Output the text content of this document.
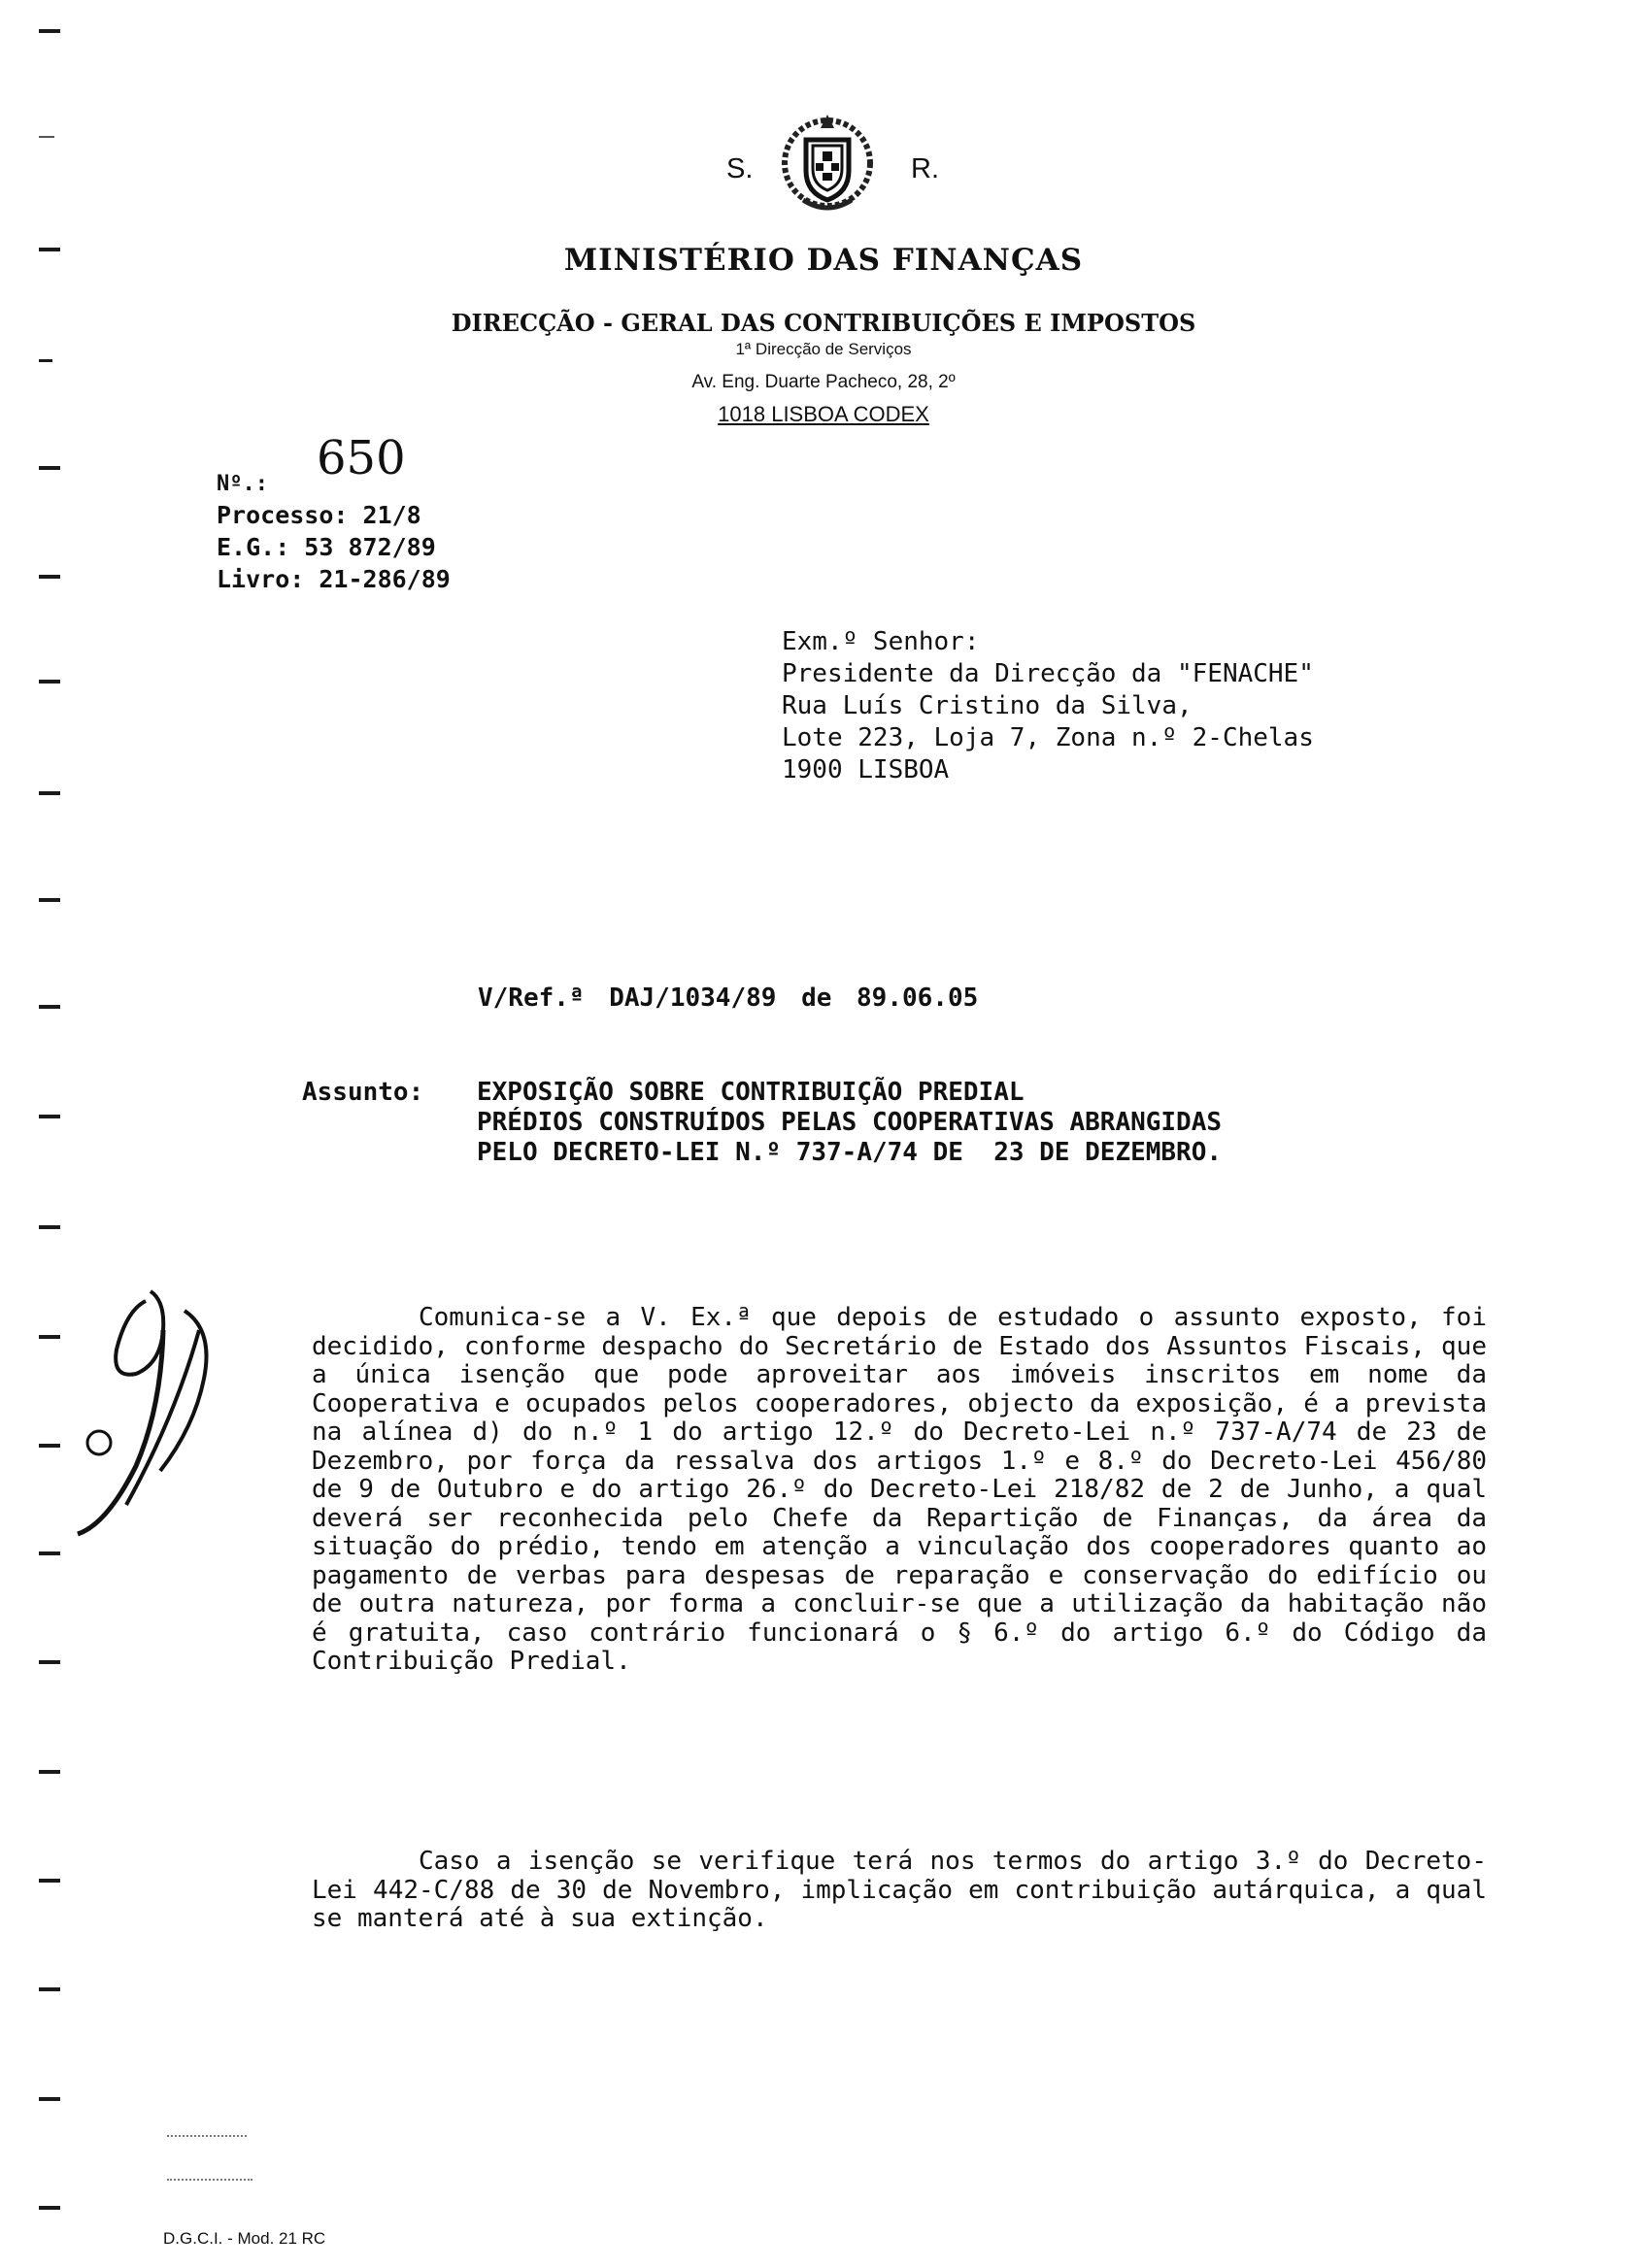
S.	R.
MINISTÉRIO DAS FINANÇAS
DIRECÇÃO - GERAL DAS CONTRIBUIÇÕES E IMPOSTOS
1ª Direcção de Serviços
Av. Eng. Duarte Pacheco, 28, 2º
1018 LISBOA CODEX
Nº.: 650
Processo: 21/8
E.G.: 53 872/89
Livro: 21-286/89
Exm.º Senhor:
Presidente da Direcção da "FENACHE"
Rua Luís Cristino da Silva,
Lote 223, Loja 7, Zona n.º 2-Chelas
1900 LISBOA
V/Ref.ª DAJ/1034/89 de 89.06.05
Assunto: EXPOSIÇÃO SOBRE CONTRIBUIÇÃO PREDIAL
PRÉDIOS CONSTRUÍDOS PELAS COOPERATIVAS ABRANGIDAS
PELO DECRETO-LEI N.º 737-A/74 DE  23 DE DEZEMBRO.
Comunica-se a V. Ex.ª que depois de estudado o assunto exposto, foi decidido, conforme despacho do Secretário de Estado dos Assuntos Fiscais, que a única isenção que pode aproveitar aos imóveis inscritos em nome da Cooperativa e ocupados pelos cooperadores, objecto da exposição, é a prevista na alínea d) do n.º 1 do artigo 12.º do Decreto-Lei n.º 737-A/74 de 23 de Dezembro, por força da ressalva dos artigos 1.º e 8.º do Decreto-Lei 456/80 de 9 de Outubro e do artigo 26.º do Decreto-Lei 218/82 de 2 de Junho, a qual deverá ser reconhecida pelo Chefe da Repartição de Finanças, da área da situação do prédio, tendo em atenção a vinculação dos cooperadores quanto ao pagamento de verbas para despesas de reparação e conservação do edifício ou de outra natureza, por forma a concluir-se que a utilização da habitação não é gratuita, caso contrário funcionará o § 6.º do artigo 6.º do Código da Contribuição Predial.
Caso a isenção se verifique terá nos termos do artigo 3.º do Decreto-Lei 442-C/88 de 30 de Novembro, implicação em contribuição autárquica, a qual se manterá até à sua extinção.
D.G.C.I. - Mod. 21 RC
